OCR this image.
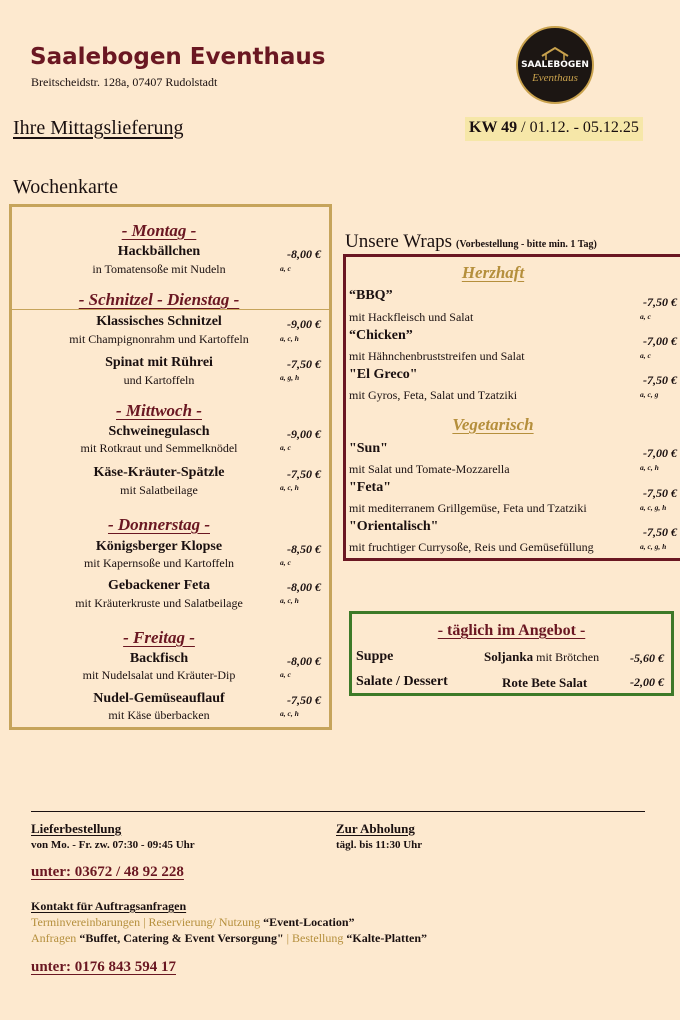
Saalebogen Eventhaus
Breitscheidstr. 128a, 07407 Rudolstadt
SAALEBOGEN
Eventhaus
Ihre Mittagslieferung	KW 49 / 01.12. - 05.12.25
Wochenkarte
- Montag -
Hackbällchen
in Tomatensoße mit Nudeln
-8,00 €
a, c
- Schnitzel - Dienstag -
Klassisches Schnitzel
mit Champignonrahm und Kartoffeln
-9,00 €
a, c, h
Spinat mit Rührei
und Kartoffeln
-7,50 €
a, g, h
- Mittwoch -
Schweinegulasch
mit Rotkraut und Semmelknödel
-9,00 €
a, c
Käse-Kräuter-Spätzle
mit Salatbeilage
-7,50 €
a, c, h
- Donnerstag -
Königsberger Klopse
mit Kapernsoße und Kartoffeln
-8,50 €
a, c
Gebackener Feta
mit Kräuterkruste und Salatbeilage
-8,00 €
a, c, h
- Freitag -
Backfisch
mit Nudelsalat und Kräuter-Dip
-8,00 €
a, c
Nudel-Gemüseauflauf
mit Käse überbacken
-7,50 €
a, c, h
Unsere Wraps (Vorbestellung - bitte min. 1 Tag)
Herzhaft
“BBQ”
mit Hackfleisch und Salat
-7,50 €
a, c
“Chicken”
mit Hähnchenbruststreifen und Salat
-7,00 €
a, c
"El Greco"
mit Gyros, Feta, Salat und Tzatziki
-7,50 €
a, c, g
Vegetarisch
"Sun"
mit Salat und Tomate-Mozzarella
-7,00 €
a, c, h
"Feta"
mit mediterranem Grillgemüse, Feta und Tzatziki
-7,50 €
a, c, g, h
"Orientalisch"
mit fruchtiger Currysoße, Reis und Gemüsefüllung
-7,50 €
a, c, g, h
- täglich im Angebot -
Suppe	Soljanka mit Brötchen	-5,60 €
Salate / Dessert	Rote Bete Salat	-2,00 €
Lieferbestellung
von Mo. - Fr. zw. 07:30 - 09:45 Uhr
Zur Abholung
tägl. bis 11:30 Uhr
unter: 03672 / 48 92 228
Kontakt für Auftragsanfragen
Terminvereinbarungen | Reservierung/ Nutzung “Event-Location”
Anfragen “Buffet, Catering & Event Versorgung" | Bestellung “Kalte-Platten”
unter: 0176 843 594 17
